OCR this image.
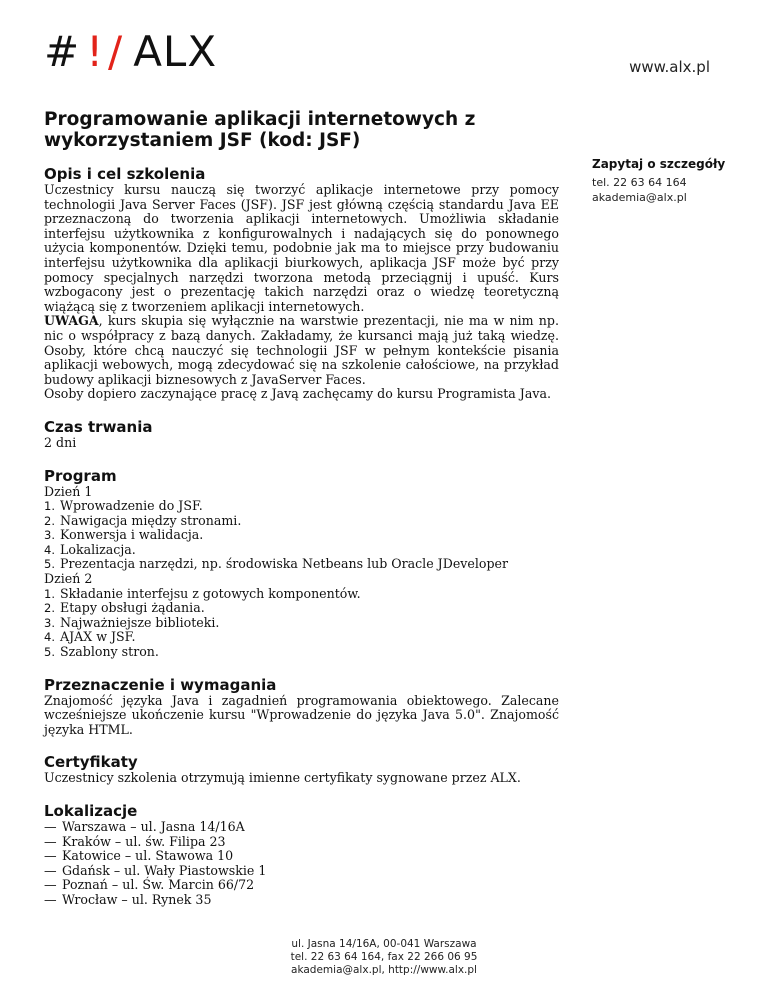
# ! / ALX	www.alx.pl
Programowanie aplikacji internetowych z wykorzystaniem JSF (kod: JSF)
Opis i cel szkolenia

Uczestnicy kursu nauczą się tworzyć aplikacje internetowe przy pomocy technologii Java Server Faces (JSF). JSF jest główną częścią standardu Java EE przeznaczoną do tworzenia aplikacji internetowych. Umożliwia składanie interfejsu użytkownika z konfigurowalnych i nadających się do ponownego użycia komponentów. Dzięki temu, podobnie jak ma to miejsce przy budowaniu interfejsu użytkownika dla aplikacji biurkowych, aplikacja JSF może być przy pomocy specjalnych narzędzi tworzona metodą przeciągnij i upuść. Kurs wzbogacony jest o prezentację takich narzędzi oraz o wiedzę teoretyczną wiążącą się z tworzeniem aplikacji internetowych.

UWAGA, kurs skupia się wyłącznie na warstwie prezentacji, nie ma w nim np. nic o współpracy z bazą danych. Zakładamy, że kursanci mają już taką wiedzę. Osoby, które chcą nauczyć się technologii JSF w pełnym kontekście pisania aplikacji webowych, mogą zdecydować się na szkolenie całościowe, na przykład budowy aplikacji biznesowych z JavaServer Faces.

Osoby dopiero zaczynające pracę z Javą zachęcamy do kursu Programista Java.

Czas trwania

2 dni

Program

Dzień 1

1. Wprowadzenie do JSF.
2. Nawigacja między stronami.
3. Konwersja i walidacja.
4. Lokalizacja.
5. Prezentacja narzędzi, np. środowiska Netbeans lub Oracle JDeveloper

Dzień 2

1. Składanie interfejsu z gotowych komponentów.
2. Etapy obsługi żądania.
3. Najważniejsze biblioteki.
4. AJAX w JSF.
5. Szablony stron.
Przeznaczenie i wymagania

Znajomość języka Java i zagadnień programowania obiektowego. Zalecane wcześniejsze ukończenie kursu "Wprowadzenie do języka Java 5.0". Znajomość języka HTML.

Certyfikaty

Uczestnicy szkolenia otrzymują imienne certyfikaty sygnowane przez ALX.

Lokalizacje
— Warszawa – ul. Jasna 14/16A
— Kraków – ul. św. Filipa 23
— Katowice – ul. Stawowa 10
— Gdańsk – ul. Wały Piastowskie 1
— Poznań – ul. Św. Marcin 66/72
— Wrocław – ul. Rynek 35

Zapytaj o szczegóły

tel. 22 63 64 164

akademia@alx.pl

ul. Jasna 14/16A, 00-041 Warszawa
tel. 22 63 64 164, fax 22 266 06 95
akademia@alx.pl, http://www.alx.pl
